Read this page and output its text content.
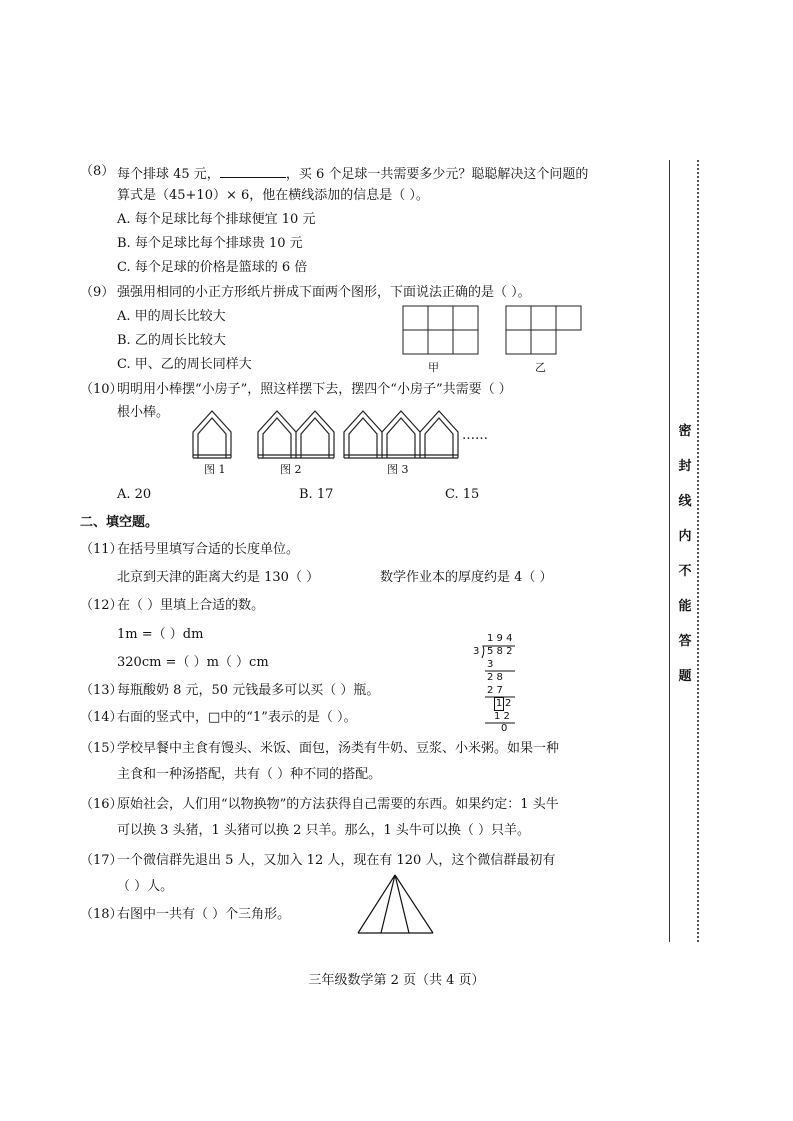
密
封
线
内
不
能
答
题
（8） 每个排球 45 元，	，买 6 个足球一共需要多少元？聪聪解决这个问题的
算式是（45+10）× 6，他在横线添加的信息是（ ）。
A. 每个足球比每个排球便宜 10 元
B. 每个足球比每个排球贵 10 元
C. 每个足球的价格是篮球的 6 倍
（9） 强强用相同的小正方形纸片拼成下面两个图形，下面说法正确的是（ ）。
A. 甲的周长比较大
B. 乙的周长比较大
C. 甲、乙的周长同样大	甲	乙
（10）
明明用小棒摆“小房子”，照这样摆下去，摆四个“小房子”共需要（ ）
根小棒。
……
图 1	图 2	图 3
A. 20	B. 17	C. 15
二、填空题。
（11）
在括号里填写合适的长度单位。
北京到天津的距离大约是 130（ ）	数学作业本的厚度约是 4（ ）
（12）
在（ ）里填上合适的数。
1m =（ ）dm
320cm =（ ）m（ ）cm
1 9 4
3 5 8 2
3
2 8
2 7
1 2
1 2
0
（13）
每瓶酸奶 8 元，50 元钱最多可以买（ ）瓶。
（14）
右面的竖式中，□中的“1”表示的是（ ）。
（15）
学校早餐中主食有馒头、米饭、面包，汤类有牛奶、豆浆、小米粥。如果一种
主食和一种汤搭配，共有（ ）种不同的搭配。
（16）
原始社会，人们用“以物换物”的方法获得自己需要的东西。如果约定：1 头牛
可以换 3 头猪，1 头猪可以换 2 只羊。那么，1 头牛可以换（ ）只羊。
（17）
一个微信群先退出 5 人，又加入 12 人，现在有 120 人，这个微信群最初有
（ ）人。
（18）
右图中一共有（ ）个三角形。
三年级数学第 2 页（共 4 页）
